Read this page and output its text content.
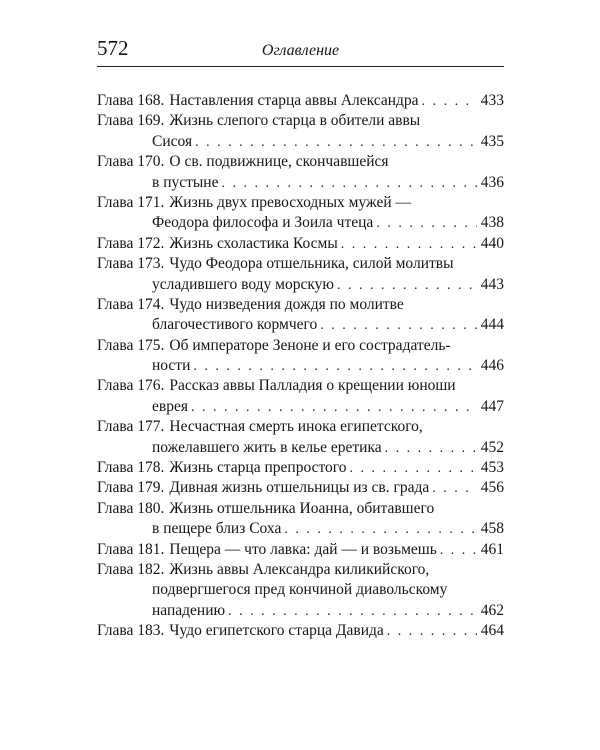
572	Оглавление
Глава 168. Наставления старца аввы Александра . . .	433
Глава 169. Жизнь слепого старца в обители аввы
Сисоя . . .	435
Глава 170. О св. подвижнице, скончавшейся
в пустыне . . .	436
Глава 171. Жизнь двух превосходных мужей —
Феодора философа и Зоила чтеца . . .	438
Глава 172. Жизнь схоластика Космы . . .	440
Глава 173. Чудо Феодора отшельника, силой молитвы
усладившего воду морскую . . .	443
Глава 174. Чудо низведения дождя по молитве
благочестивого кормчего . . .	444
Глава 175. Об императоре Зеноне и его сострадатель-
ности . . .	446
Глава 176. Рассказ аввы Палладия о крещении юноши
еврея . . .	447
Глава 177. Несчастная смерть инока египетского,
пожелавшего жить в келье еретика . . .	452
Глава 178. Жизнь старца препростого . . .	453
Глава 179. Дивная жизнь отшельницы из св. града . . .	456
Глава 180. Жизнь отшельника Иоанна, обитавшего
в пещере близ Соха . . .	458
Глава 181. Пещера — что лавка: дай — и возьмешь . . .	461
Глава 182. Жизнь аввы Александра киликийского,
подвергшегося пред кончиной диавольскому
нападению . . .	462
Глава 183. Чудо египетского старца Давида . . .	464
